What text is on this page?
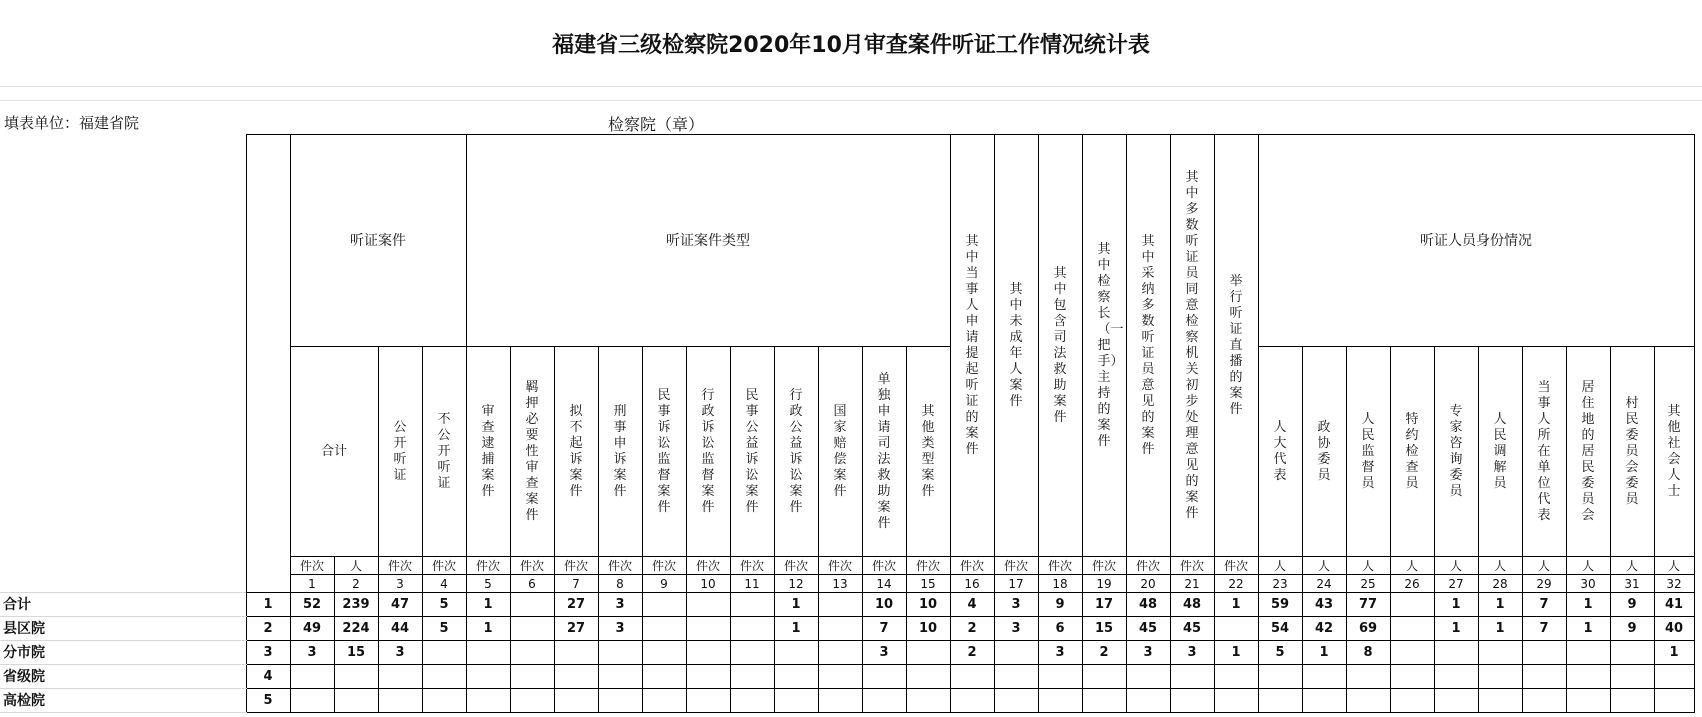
福建省三级检察院2020年10月审查案件听证工作情况统计表
填表单位：福建省院	检察院（章）
		听证案件				听证案件类型											其中当事人申请提起听证的案件	其中未成年人案件	其中包含司法救助案件	其中检察长（一把手）主持的案件	其中采纳多数听证员意见的案件	其中多数听证员同意检察机关初步处理意见的案件	举行听证直播的案件	听证人员身份情况									
		合计		公开听证	不公开听证	审查逮捕案件	羁押必要性审查案件	拟不起诉案件	刑事申诉案件	民事诉讼监督案件	行政诉讼监督案件	民事公益诉讼案件	行政公益诉讼案件	国家赔偿案件	单独申请司法救助案件	其他类型案件								人大代表	政协委员	人民监督员	特约检查员	专家咨询委员	人民调解员	当事人所在单位代表	居住地的居民委员会	村民委员会委员	其他社会人士
		件次	人	件次	件次	件次	件次	件次	件次	件次	件次	件次	件次	件次	件次	件次	件次	件次	件次	件次	件次	件次	件次	人	人	人	人	人	人	人	人	人	人
		1	2	3	4	5	6	7	8	9	10	11	12	13	14	15	16	17	18	19	20	21	22	23	24	25	26	27	28	29	30	31	32
合计	1	52	239	47	5	1		27	3				1		10	10	4	3	9	17	48	48	1	59	43	77		1	1	7	1	9	41
县区院	2	49	224	44	5	1		27	3				1		7	10	2	3	6	15	45	45		54	42	69		1	1	7	1	9	40
分市院	3	3	15	3											3		2		3	2	3	3	1	5	1	8							1
省级院	4																																
高检院	5																																
